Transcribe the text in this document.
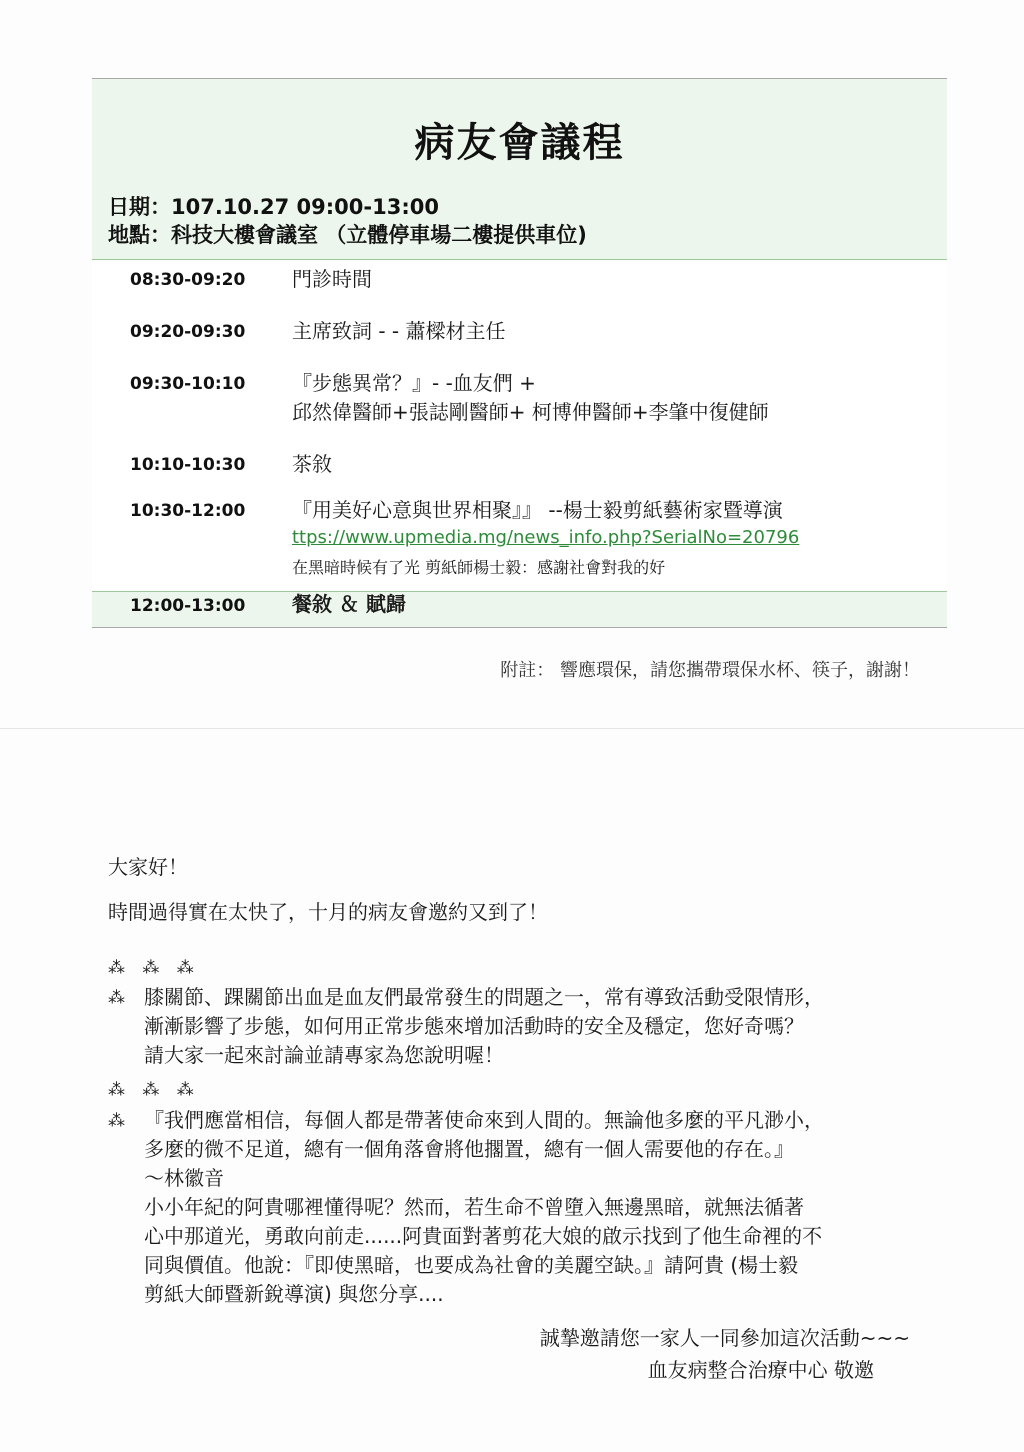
病友會議程
日期：107.10.27 09:00-13:00
地點：科技大樓會議室 （立體停車場二樓提供車位)
08:30-09:20 門診時間
09:20-09:30 主席致詞 - - 蕭樑材主任
09:30-10:10 『步態異常？』- -血友們 +
邱然偉醫師+張誌剛醫師+ 柯博伸醫師+李肇中復健師
10:10-10:30 茶敘
10:30-12:00 『用美好心意與世界相聚』』 --楊士毅剪紙藝術家暨導演
ttps://www.upmedia.mg/news_info.php?SerialNo=20796
在黑暗時候有了光 剪紙師楊士毅：感謝社會對我的好
12:00-13:00 餐敘 ＆ 賦歸
附註： 響應環保，請您攜帶環保水杯、筷子，謝謝！
大家好！
時間過得實在太快了，十月的病友會邀約又到了！
⁂ ⁂ ⁂
⁂ 膝關節、踝關節出血是血友們最常發生的問題之一，常有導致活動受限情形，
漸漸影響了步態，如何用正常步態來增加活動時的安全及穩定，您好奇嗎？
請大家一起來討論並請專家為您說明喔！
⁂ ⁂ ⁂
⁂ 『我們應當相信，每個人都是帶著使命來到人間的。無論他多麼的平凡渺小，
多麼的微不足道，總有一個角落會將他擱置，總有一個人需要他的存在。』
～林徽音
小小年紀的阿貴哪裡懂得呢？然而，若生命不曾墮入無邊黑暗，就無法循著
心中那道光，勇敢向前走......阿貴面對著剪花大娘的啟示找到了他生命裡的不
同與價值。他說：『即使黑暗，也要成為社會的美麗空缺。』請阿貴 (楊士毅
剪紙大師暨新銳導演) 與您分享....
誠摯邀請您一家人一同參加這次活動~~~
血友病整合治療中心 敬邀
